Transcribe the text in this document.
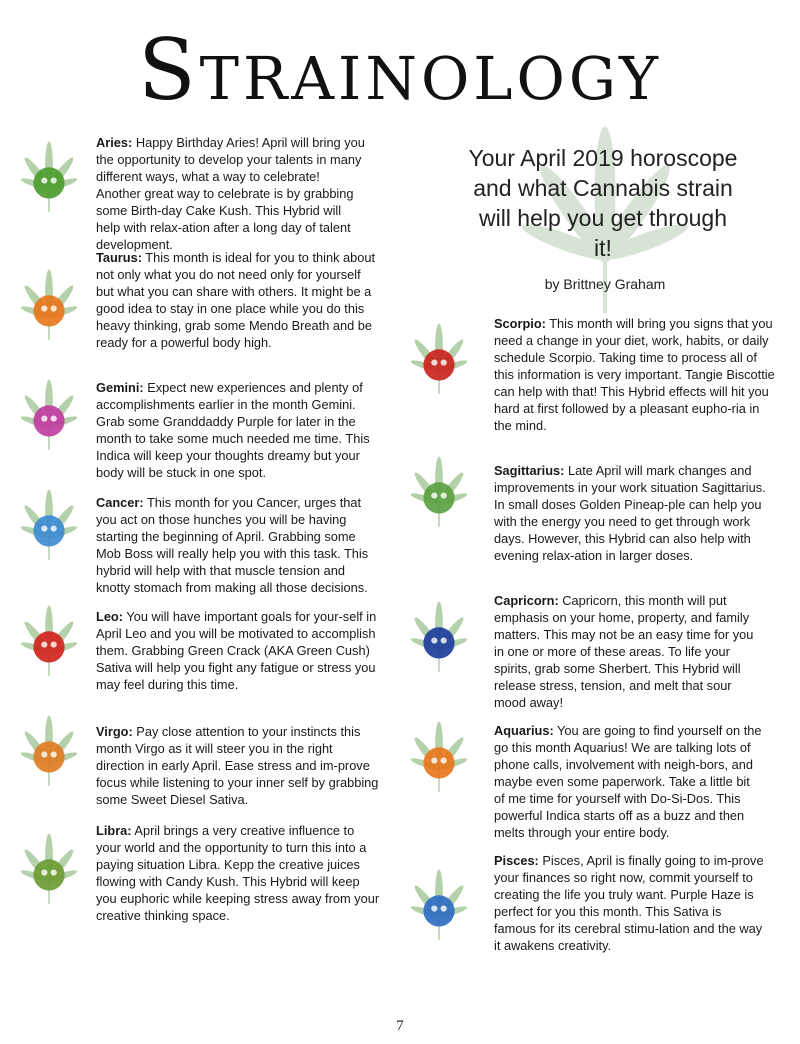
Strainology
Your April 2019 horoscope and what Cannabis strain will help you get through it!
by Brittney Graham
Aries: Happy Birthday Aries! April will bring you the opportunity to develop your talents in many different ways, what a way to celebrate! Another great way to celebrate is by grabbing some Birth-day Cake Kush. This Hybrid will help with relax-ation after a long day of talent development.
Taurus: This month is ideal for you to think about not only what you do not need only for yourself but what you can share with others. It might be a good idea to stay in one place while you do this heavy thinking, grab some Mendo Breath and be ready for a powerful body high.
Gemini: Expect new experiences and plenty of accomplishments earlier in the month Gemini. Grab some Granddaddy Purple for later in the month to take some much needed me time. This Indica will keep your thoughts dreamy but your body will be stuck in one spot.
Cancer: This month for you Cancer, urges that you act on those hunches you will be having starting the beginning of April. Grabbing some Mob Boss will really help you with this task. This hybrid will help with that muscle tension and knotty stomach from making all those decisions.
Leo: You will have important goals for your-self in April Leo and you will be motivated to accomplish them. Grabbing Green Crack (AKA Green Cush) Sativa will help you fight any fatigue or stress you may feel during this time.
Virgo: Pay close attention to your instincts this month Virgo as it will steer you in the right direction in early April. Ease stress and im-prove focus while listening to your inner self by grabbing some Sweet Diesel Sativa.
Libra: April brings a very creative influence to your world and the opportunity to turn this into a paying situation Libra. Kepp the creative juices flowing with Candy Kush. This Hybrid will keep you euphoric while keeping stress away from your creative thinking space.
Scorpio: This month will bring you signs that you need a change in your diet, work, habits, or daily schedule Scorpio. Taking time to process all of this information is very important. Tangie Biscottie can help with that! This Hybrid effects will hit you hard at first followed by a pleasant eupho-ria in the mind.
Sagittarius: Late April will mark changes and improvements in your work situation Sagittarius. In small doses Golden Pineap-ple can help you with the energy you need to get through work days. However, this Hybrid can also help with evening relax-ation in larger doses.
Capricorn: Capricorn, this month will put emphasis on your home, property, and family matters. This may not be an easy time for you in one or more of these areas. To life your spirits, grab some Sherbert. This Hybrid will release stress, tension, and melt that sour mood away!
Aquarius: You are going to find yourself on the go this month Aquarius! We are talking lots of phone calls, involvement with neigh-bors, and maybe even some paperwork. Take a little bit of me time for yourself with Do-Si-Dos. This powerful Indica starts off as a buzz and then melts through your entire body.
Pisces: Pisces, April is finally going to im-prove your finances so right now, commit yourself to creating the life you truly want. Purple Haze is perfect for you this month. This Sativa is famous for its cerebral stimu-lation and the way it awakens creativity.
7
